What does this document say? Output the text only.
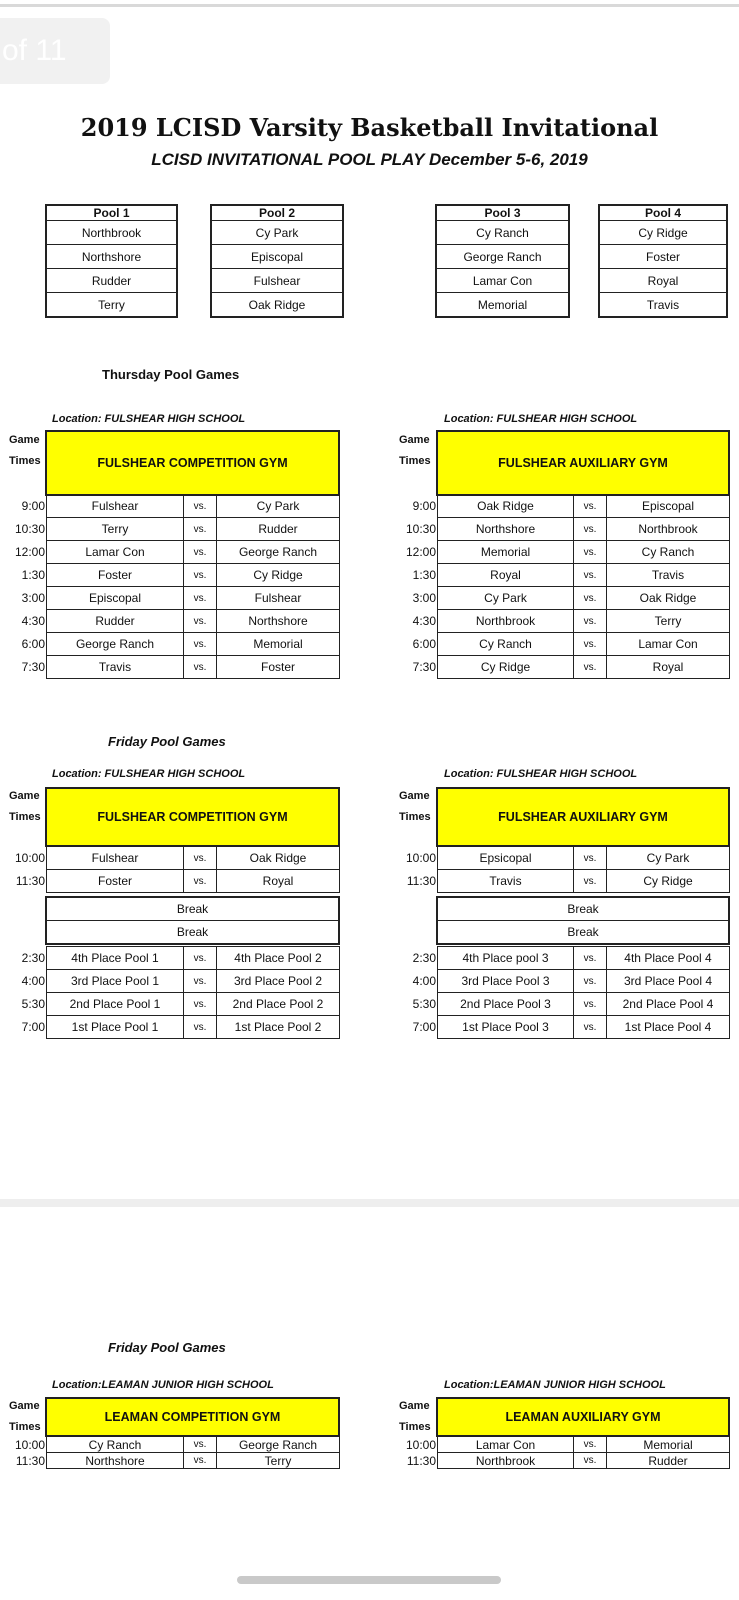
of 11
2019 LCISD Varsity Basketball Invitational
LCISD INVITATIONAL POOL PLAY December 5-6, 2019
Pool 1
Northbrook
Northshore
Rudder
Terry
Pool 2
Cy Park
Episcopal
Fulshear
Oak Ridge
Pool 3
Cy Ranch
George Ranch
Lamar Con
Memorial
Pool 4
Cy Ridge
Foster
Royal
Travis
Thursday Pool Games
Location: FULSHEAR HIGH SCHOOL	Location: FULSHEAR HIGH SCHOOL
Game
Times
Game
Times
FULSHEAR COMPETITION GYM	FULSHEAR AUXILIARY GYM
9:00	Fulshear	vs.	Cy Park
10:30	Terry	vs.	Rudder
12:00	Lamar Con	vs.	George Ranch
1:30	Foster	vs.	Cy Ridge
3:00	Episcopal	vs.	Fulshear
4:30	Rudder	vs.	Northshore
6:00	George Ranch	vs.	Memorial
7:30	Travis	vs.	Foster
9:00	Oak Ridge	vs.	Episcopal
10:30	Northshore	vs.	Northbrook
12:00	Memorial	vs.	Cy Ranch
1:30	Royal	vs.	Travis
3:00	Cy Park	vs.	Oak Ridge
4:30	Northbrook	vs.	Terry
6:00	Cy Ranch	vs.	Lamar Con
7:30	Cy Ridge	vs.	Royal
Friday Pool Games
Location: FULSHEAR HIGH SCHOOL	Location: FULSHEAR HIGH SCHOOL
Game
Times
Game
Times
FULSHEAR COMPETITION GYM	FULSHEAR AUXILIARY GYM
10:00	Fulshear	vs.	Oak Ridge
11:30	Foster	vs.	Royal
Break
Break
2:30	4th Place Pool 1	vs.	4th Place Pool 2
4:00	3rd Place Pool 1	vs.	3rd Place Pool 2
5:30	2nd Place Pool 1	vs.	2nd Place Pool 2
7:00	1st Place Pool 1	vs.	1st Place Pool 2
10:00	Epsicopal	vs.	Cy Park
11:30	Travis	vs.	Cy Ridge
Break
Break
2:30	4th Place pool 3	vs.	4th Place Pool 4
4:00	3rd Place Pool 3	vs.	3rd Place Pool 4
5:30	2nd Place Pool 3	vs.	2nd Place Pool 4
7:00	1st Place Pool 3	vs.	1st Place Pool 4
Friday Pool Games
Location:LEAMAN JUNIOR HIGH SCHOOL	Location:LEAMAN JUNIOR HIGH SCHOOL
Game
Times
Game
Times
LEAMAN COMPETITION GYM	LEAMAN AUXILIARY GYM
10:00	Cy Ranch	vs.	George Ranch
11:30	Northshore	vs.	Terry
10:00	Lamar Con	vs.	Memorial
11:30	Northbrook	vs.	Rudder
